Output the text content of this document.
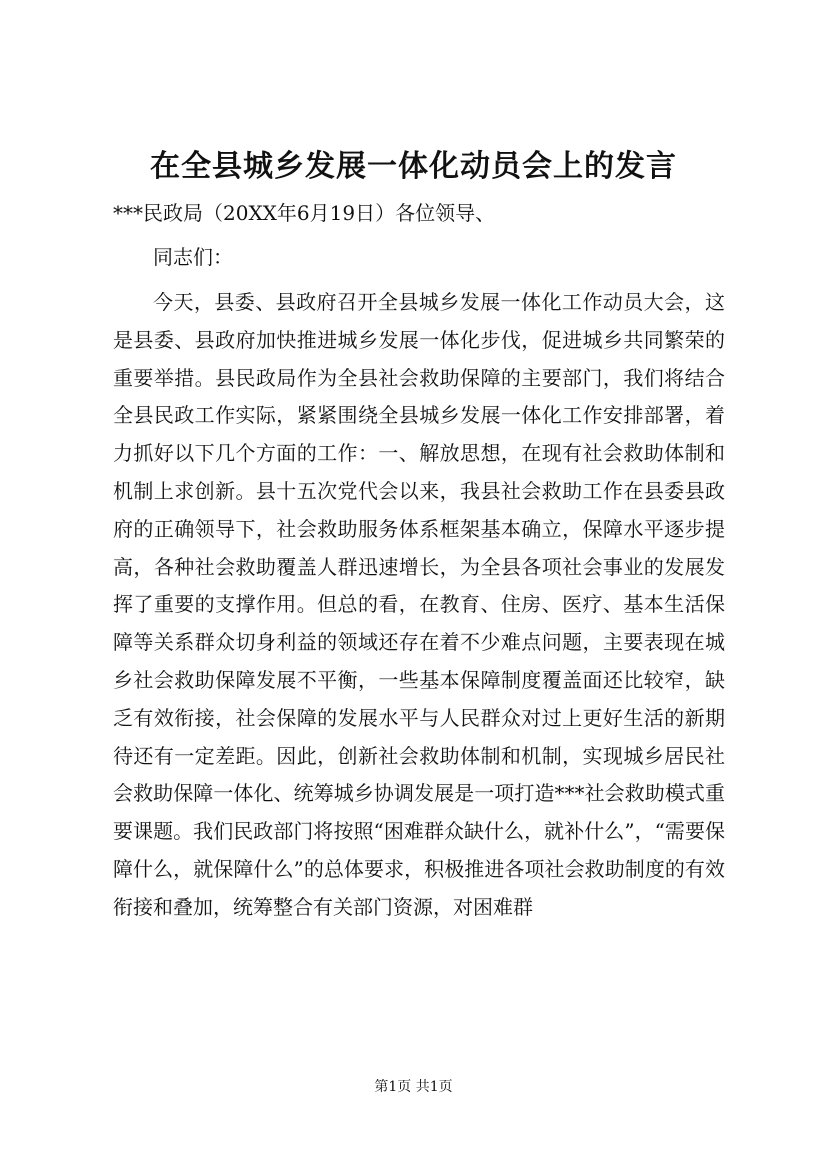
在全县城乡发展一体化动员会上的发言

***民政局（20XX年6月19日）各位领导、

同志们：

今天，县委、县政府召开全县城乡发展一体化工作动员大会，这是县委、县政府加快推进城乡发展一体化步伐，促进城乡共同繁荣的重要举措。县民政局作为全县社会救助保障的主要部门，我们将结合全县民政工作实际，紧紧围绕全县城乡发展一体化工作安排部署，着力抓好以下几个方面的工作：一、解放思想，在现有社会救助体制和机制上求创新。县十五次党代会以来，我县社会救助工作在县委县政府的正确领导下，社会救助服务体系框架基本确立，保障水平逐步提高，各种社会救助覆盖人群迅速增长，为全县各项社会事业的发展发挥了重要的支撑作用。但总的看，在教育、住房、医疗、基本生活保障等关系群众切身利益的领域还存在着不少难点问题，主要表现在城乡社会救助保障发展不平衡，一些基本保障制度覆盖面还比较窄，缺乏有效衔接，社会保障的发展水平与人民群众对过上更好生活的新期待还有一定差距。因此，创新社会救助体制和机制，实现城乡居民社会救助保障一体化、统筹城乡协调发展是一项打造***社会救助模式重要课题。我们民政部门将按照“困难群众缺什么，就补什么”，“需要保障什么，就保障什么”的总体要求，积极推进各项社会救助制度的有效衔接和叠加，统筹整合有关部门资源，对困难群

第1页 共1页
